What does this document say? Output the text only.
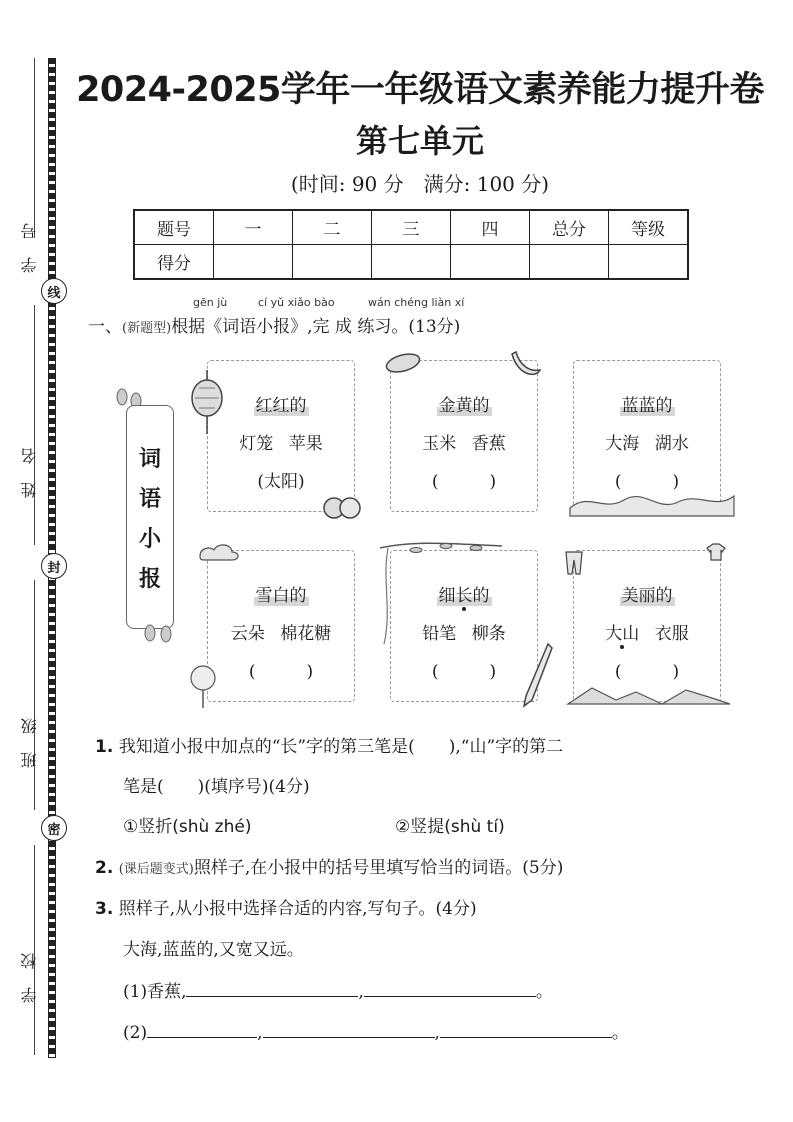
学号
姓名
班级
学校
线
封
密
2024-2025学年一年级语文素养能力提升卷
第七单元
(时间: 90 分　满分: 100 分)
题号	一	二	三	四	总分	等级
得分						
gēn jù	cí yǔ xiǎo bào	wán chéng liàn xí
一、(新题型)根据《词语小报》,完 成 练习。(13分)
词
语
小
报
红红的
灯笼 苹果
(太阳)
金黄的
玉米 香蕉
(　　　)
蓝蓝的
大海 湖水
(　　　)
雪白的
云朵 棉花糖
(　　　)
细长的
铅笔 柳条
(　　　)
美丽的
大山 衣服
(　　　)
1. 我知道小报中加点的“长”字的第三笔是(　　),“山”字的第二
笔是(　　)(填序号)(4分)
①竖折(shù zhé)	②竖提(shù tí)
2. (课后题变式)照样子,在小报中的括号里填写恰当的词语。(5分)
3. 照样子,从小报中选择合适的内容,写句子。(4分)
大海,蓝蓝的,又宽又远。
(1)香蕉,	,	。
(2)	,	,	。
